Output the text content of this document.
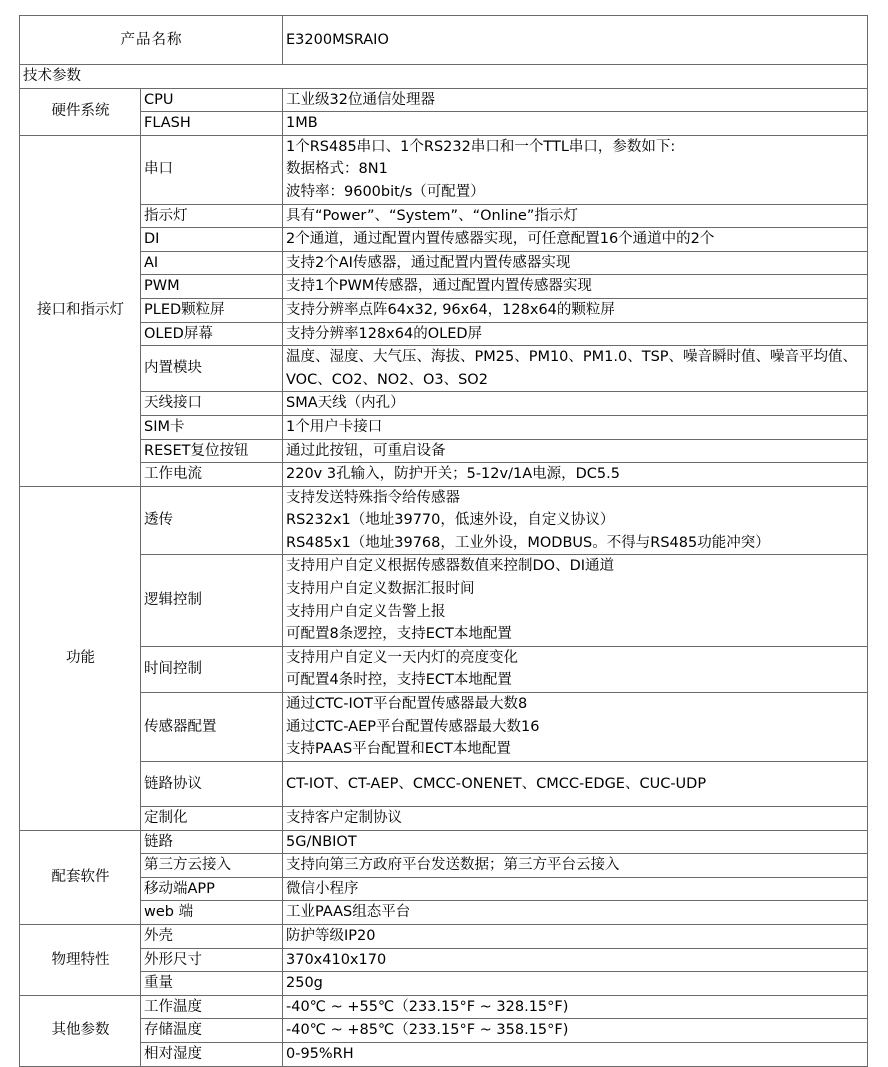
产品名称		E3200MSRAIO
技术参数		
硬件系统	CPU	工业级32位通信处理器

	FLASH	1MB

接口和指示灯	串口	1个RS485串口、1个RS232串口和一个TTL串口，参数如下:
数据格式：8N1
波特率：9600bit/s（可配置）

	指示灯	具有“Power”、“System”、“Online”指示灯

	DI	2个通道，通过配置内置传感器实现，可任意配置16个通道中的2个

	AI	支持2个AI传感器，通过配置内置传感器实现

	PWM	支持1个PWM传感器，通过配置内置传感器实现

	PLED颗粒屏	支持分辨率点阵64x32, 96x64，128x64的颗粒屏

	OLED屏幕	支持分辨率128x64的OLED屏

	内置模块	温度、湿度、大气压、海拔、PM25、PM10、PM1.0、TSP、噪音瞬时值、噪音平均值、VOC、CO2、NO2、O3、SO2

	天线接口	SMA天线（内孔）

	SIM卡	1个用户卡接口

	RESET复位按钮	通过此按钮，可重启设备

	工作电流	220v 3孔输入，防护开关；5-12v/1A电源，DC5.5

功能	透传	支持发送特殊指令给传感器
RS232x1（地址39770，低速外设，自定义协议）
RS485x1（地址39768，工业外设，MODBUS。不得与RS485功能冲突）

	逻辑控制	支持用户自定义根据传感器数值来控制DO、DI通道
支持用户自定义数据汇报时间
支持用户自定义告警上报
可配置8条逻控，支持ECT本地配置

	时间控制	支持用户自定义一天内灯的亮度变化
可配置4条时控，支持ECT本地配置

	传感器配置	通过CTC-IOT平台配置传感器最大数8
通过CTC-AEP平台配置传感器最大数16
支持PAAS平台配置和ECT本地配置

	链路协议	CT-IOT、CT-AEP、CMCC-ONENET、CMCC-EDGE、CUC-UDP

	定制化	支持客户定制协议

配套软件	链路	5G/NBIOT

	第三方云接入	支持向第三方政府平台发送数据；第三方平台云接入

	移动端APP	微信小程序

	web 端	工业PAAS组态平台

物理特性	外壳	防护等级IP20

	外形尺寸	370x410x170

	重量	250g

其他参数	工作温度	-40℃ ~ +55℃（233.15°F ~ 328.15°F)

	存储温度	-40℃ ~ +85℃（233.15°F ~ 358.15°F)

	相对湿度	0-95%RH
